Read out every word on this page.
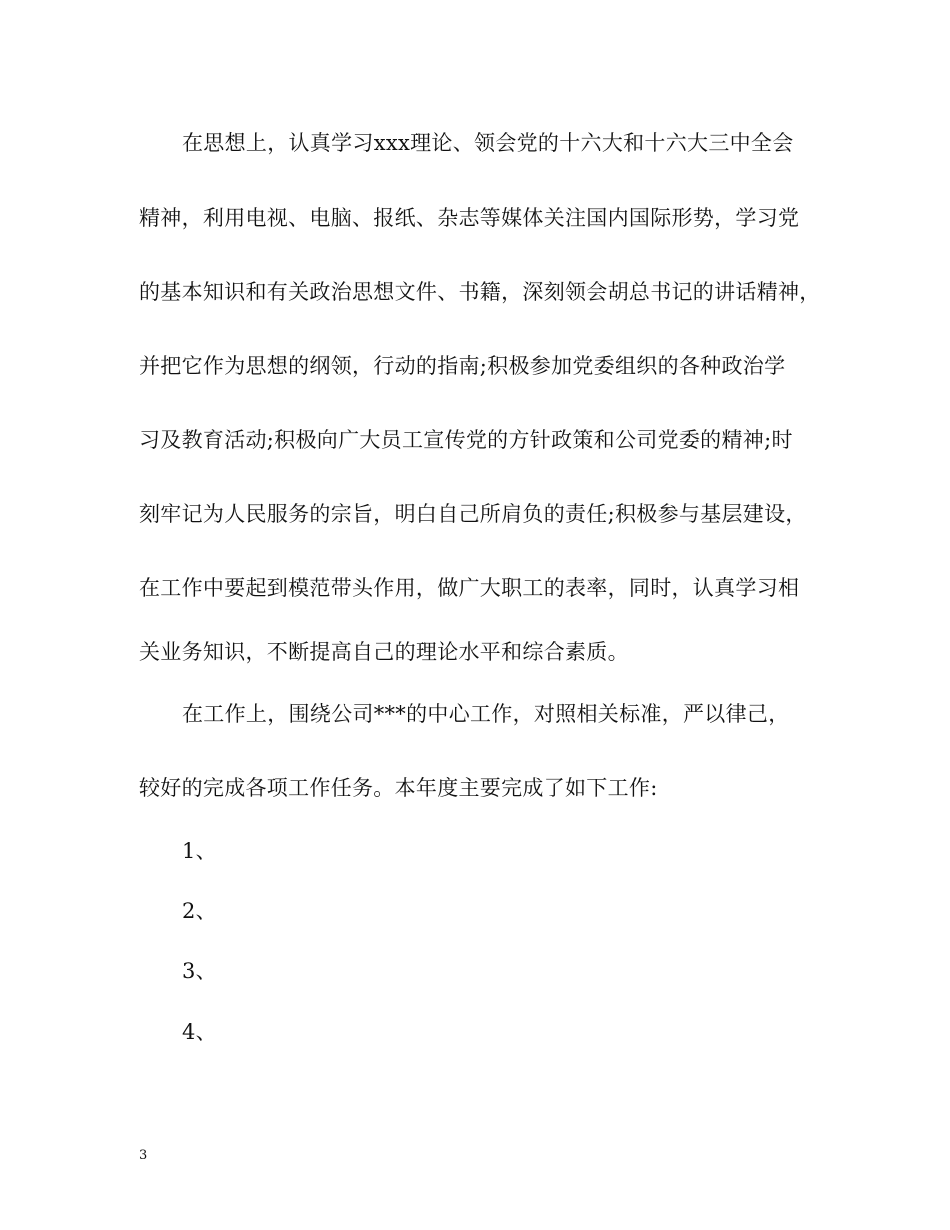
在思想上，认真学习xxx理论、领会党的十六大和十六大三中全会
精神，利用电视、电脑、报纸、杂志等媒体关注国内国际形势，学习党
的基本知识和有关政治思想文件、书籍，深刻领会胡总书记的讲话精神，
并把它作为思想的纲领，行动的指南;积极参加党委组织的各种政治学
习及教育活动;积极向广大员工宣传党的方针政策和公司党委的精神;时
刻牢记为人民服务的宗旨，明白自己所肩负的责任;积极参与基层建设，
在工作中要起到模范带头作用，做广大职工的表率，同时，认真学习相
关业务知识，不断提高自己的理论水平和综合素质。
在工作上，围绕公司***的中心工作，对照相关标准，严以律己，
较好的完成各项工作任务。本年度主要完成了如下工作:
1、
2、
3、
4、
3
